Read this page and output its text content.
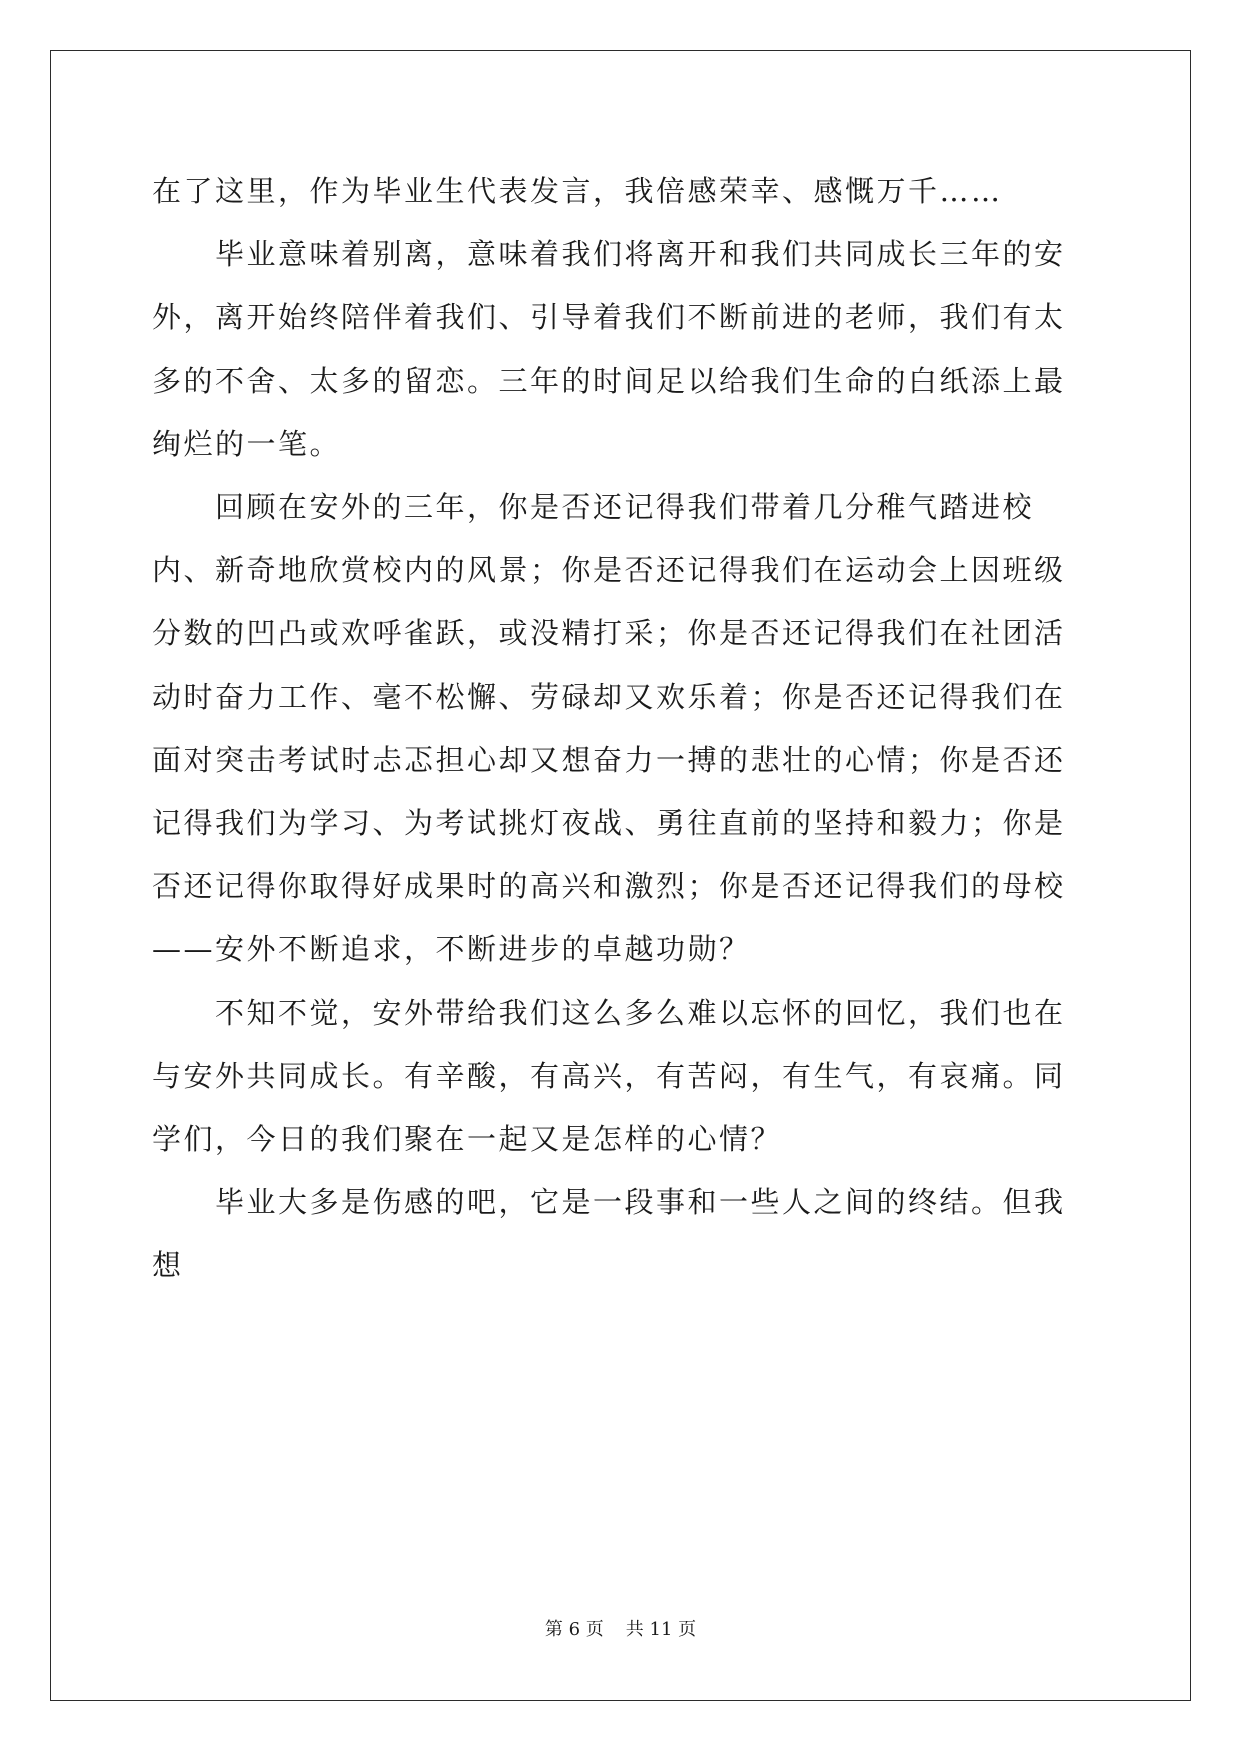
在了这里，作为毕业生代表发言，我倍感荣幸、感慨万千……

毕业意味着别离，意味着我们将离开和我们共同成长三年的安外，离开始终陪伴着我们、引导着我们不断前进的老师，我们有太多的不舍、太多的留恋。三年的时间足以给我们生命的白纸添上最绚烂的一笔。

回顾在安外的三年，你是否还记得我们带着几分稚气踏进校内、新奇地欣赏校内的风景；你是否还记得我们在运动会上因班级分数的凹凸或欢呼雀跃，或没精打采；你是否还记得我们在社团活动时奋力工作、毫不松懈、劳碌却又欢乐着；你是否还记得我们在面对突击考试时忐忑担心却又想奋力一搏的悲壮的心情；你是否还记得我们为学习、为考试挑灯夜战、勇往直前的坚持和毅力；你是否还记得你取得好成果时的高兴和激烈；你是否还记得我们的母校——安外不断追求，不断进步的卓越功勋？

不知不觉，安外带给我们这么多么难以忘怀的回忆，我们也在与安外共同成长。有辛酸，有高兴，有苦闷，有生气，有哀痛。同学们，今日的我们聚在一起又是怎样的心情？

毕业大多是伤感的吧，它是一段事和一些人之间的终结。但我想

第 6 页 共 11 页
